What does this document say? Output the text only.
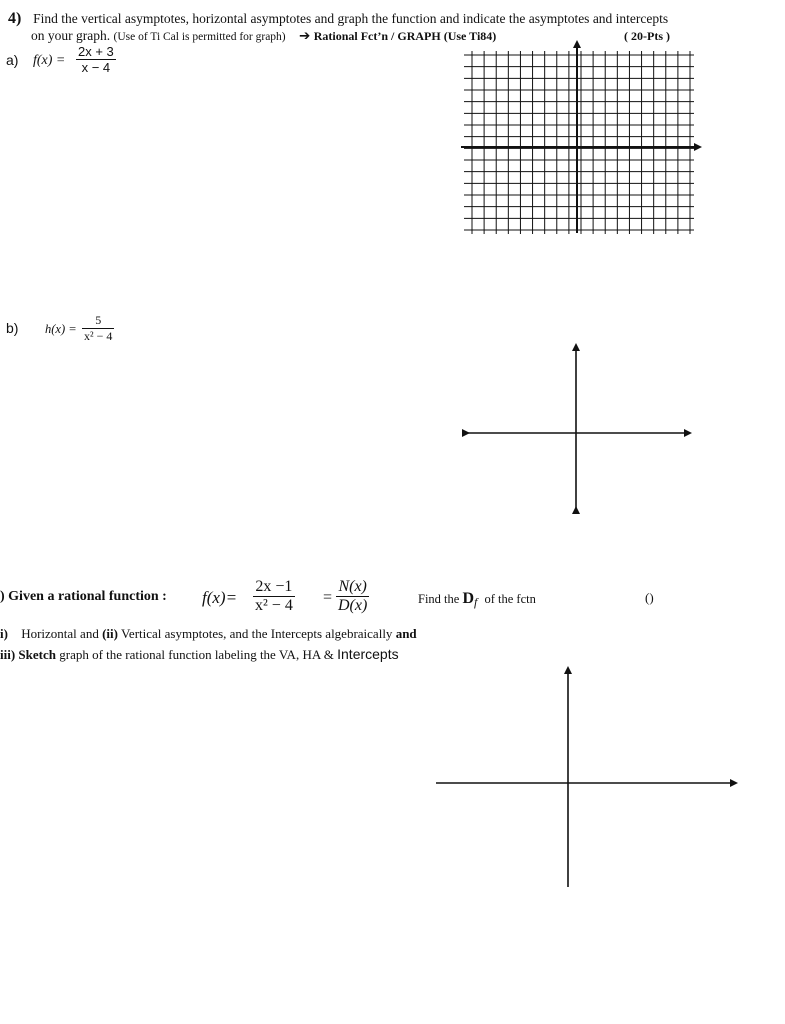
4) Find the vertical asymptotes, horizontal asymptotes and graph the function and indicate the asymptotes and intercepts
on your graph. (Use of Ti Cal is permitted for graph) ➔ Rational Fct’n / GRAPH (Use Ti84)	( 20-Pts )
a) $f(x) = \frac{2x + 3}{x - 4}$
b) $h(x) = \frac{5}{\text{x² − 4}}$
) Given a rational function : $f(x)= \frac{2x -1}{\text{x² − 4}} = \frac{N(x)}{D(x)}$	Find the Df of the fctn	()
i) Horizontal and (ii) Vertical asymptotes, and the Intercepts algebraically and
iii) Sketch graph of the rational function labeling the VA, HA & Intercepts
